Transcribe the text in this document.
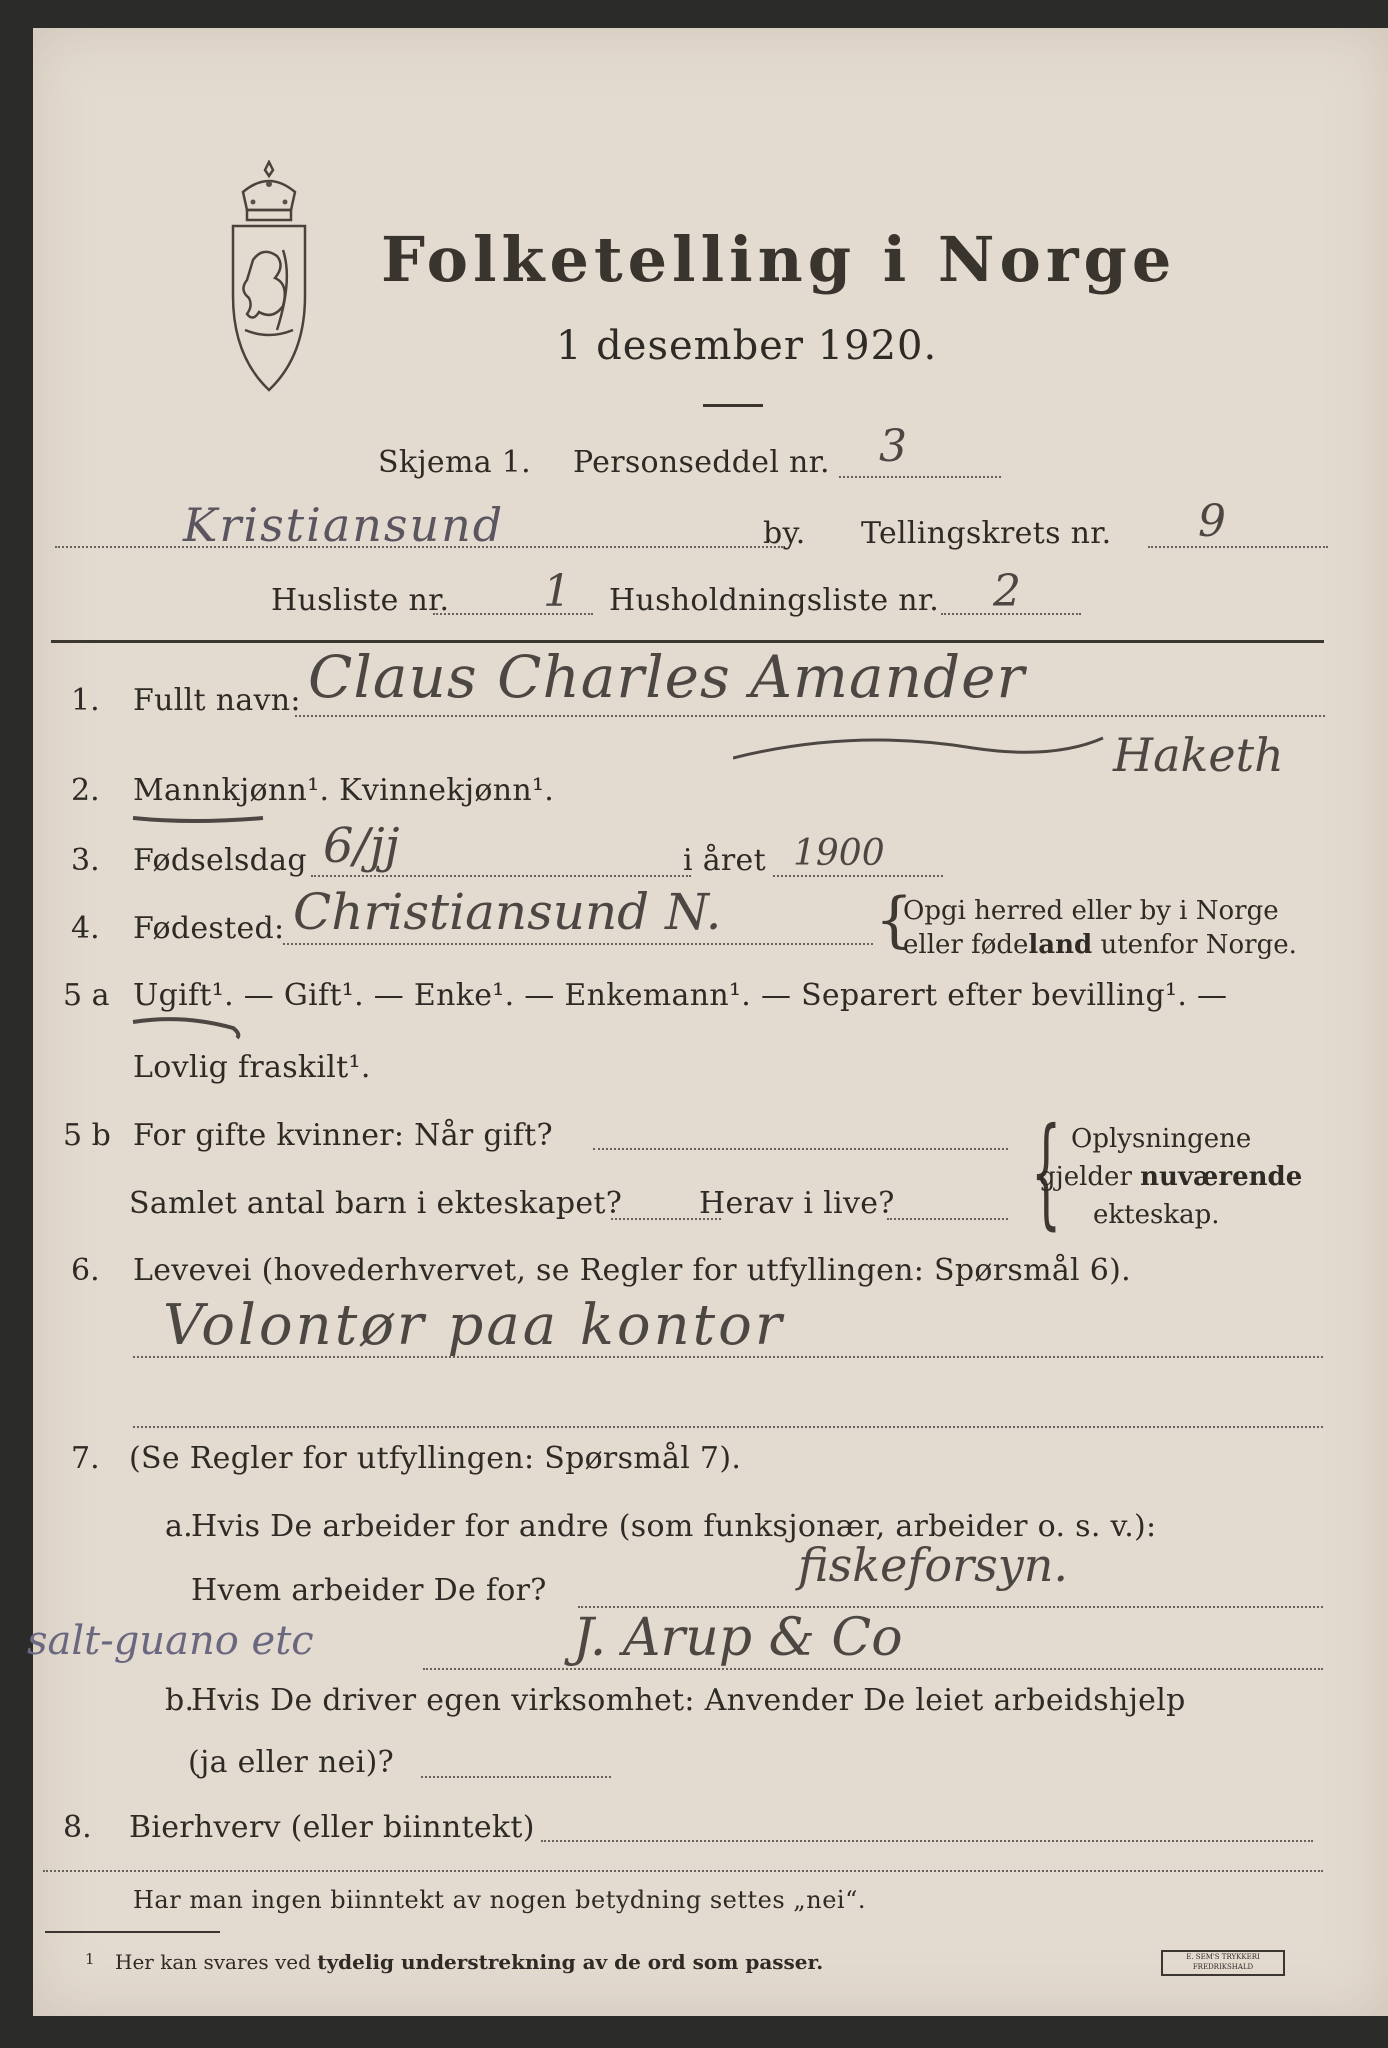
Folketelling i Norge
1 desember 1920.
Skjema 1. Personseddel nr. 3
Kristiansund	by. Tellingskrets nr. 9
Husliste nr. 1 Husholdningsliste nr. 2
1. Fullt navn: Claus Charles Amander
Haketh
2. Mannkjønn¹. Kvinnekjønn¹.
3. Fødselsdag 6/jj	i året 1900
4. Fødested: Christiansund N.	{
Opgi herred eller by i Norge
eller fødeland utenfor Norge.
5 a Ugift¹. — Gift¹. — Enke¹. — Enkemann¹. — Separert efter bevilling¹. —
Lovlig fraskilt¹.
5 b For gifte kvinner: Når gift?
Samlet antal barn i ekteskapet?	Herav i live? { Oplysningene
gjelder nuværende
ekteskap.
6. Levevei (hovederhvervet, se Regler for utfyllingen: Spørsmål 6).
Volontør paa kontor
7. (Se Regler for utfyllingen: Spørsmål 7).
a.
Hvis De arbeider for andre (som funksjonær, arbeider o. s. v.):
Hvem arbeider De for?	fiskeforsyn.
J. Arup & Co
salt-guano etc
b.
Hvis De driver egen virksomhet: Anvender De leiet arbeidshjelp
(ja eller nei)?
8. Bierhverv (eller biinntekt)
Har man ingen biinntekt av nogen betydning settes „nei“.
1 Her kan svares ved tydelig understrekning av de ord som passer.	E. SEM'S TRYKKERI FREDRIKSHALD
